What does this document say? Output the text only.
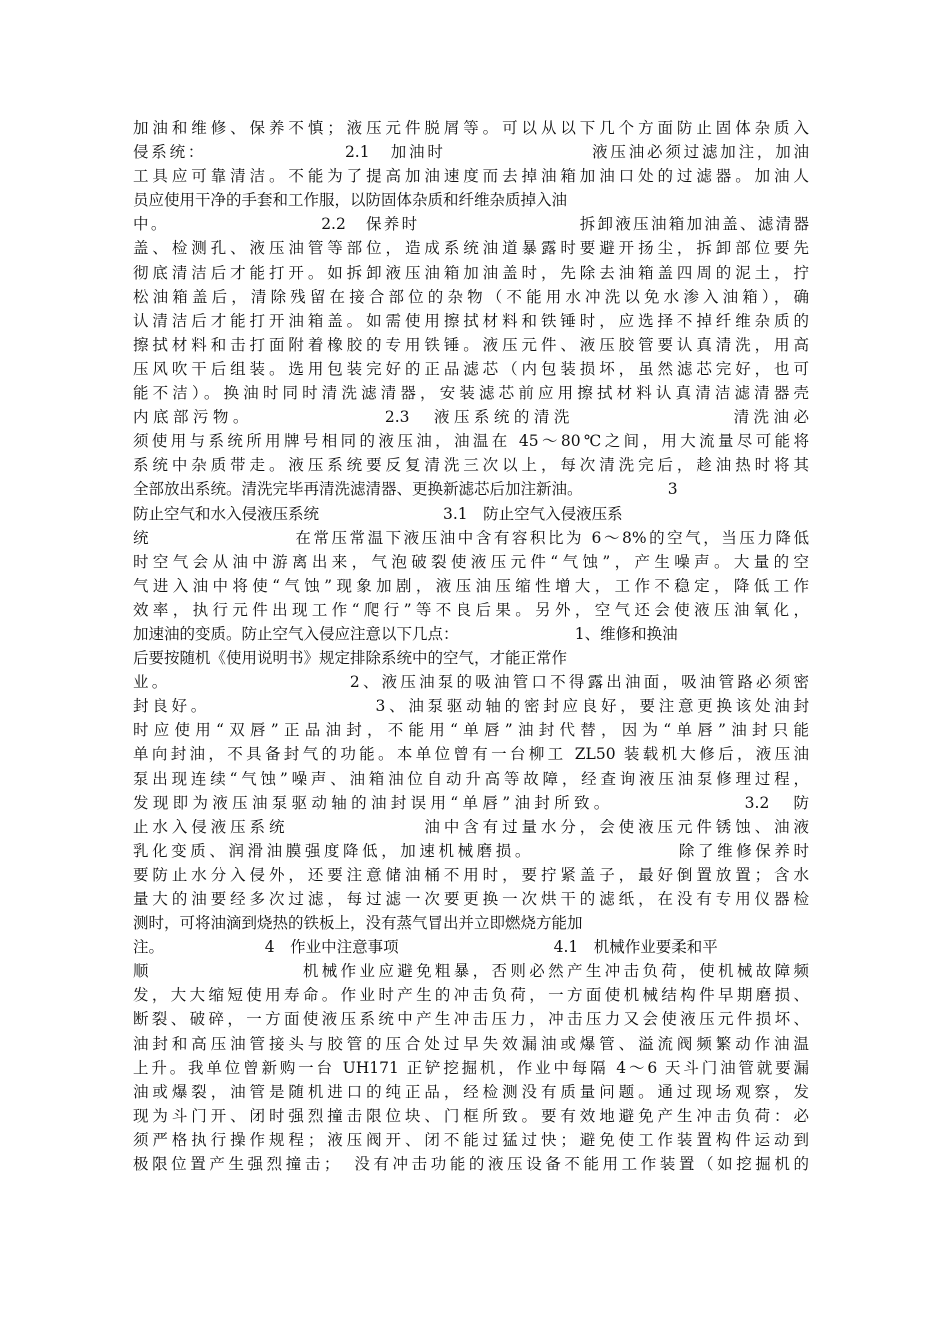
加油和维修、保养不慎；液压元件脱屑等。可以从以下几个方面防止固体杂质入
侵系统：　　　　　　　　2.1　加油时　　　　　　　　液压油必须过滤加注，加油
工具应可靠清洁。不能为了提高加油速度而去掉油箱加油口处的过滤器。加油人
员应使用干净的手套和工作服，以防固体杂质和纤维杂质掉入油
中。　　　　　　　　　2.2　保养时　　　　　　　　　拆卸液压油箱加油盖、滤清器
盖、检测孔、液压油管等部位，造成系统油道暴露时要避开扬尘，拆卸部位要先
彻底清洁后才能打开。如拆卸液压油箱加油盖时，先除去油箱盖四周的泥土，拧
松油箱盖后，清除残留在接合部位的杂物（不能用水冲洗以免水渗入油箱），确
认清洁后才能打开油箱盖。如需使用擦拭材料和铁锤时，应选择不掉纤维杂质的
擦拭材料和击打面附着橡胶的专用铁锤。液压元件、液压胶管要认真清洗，用高
压风吹干后组装。选用包装完好的正品滤芯（内包装损坏，虽然滤芯完好，也可
能不洁）。换油时同时清洗滤清器，安装滤芯前应用擦拭材料认真清洁滤清器壳
内底部污物。　　　　　　　2.3　液压系统的清洗　　　　　　　　清洗油必
须使用与系统所用牌号相同的液压油，油温在 45～80℃之间，用大流量尽可能将
系统中杂质带走。液压系统要反复清洗三次以上，每次清洗完后，趁油热时将其
全部放出系统。清洗完毕再清洗滤清器、更换新滤芯后加注新油。　　　　　　3
防止空气和水入侵液压系统　　　　　　　　3.1　防止空气入侵液压系
统　　　　　　　　在常压常温下液压油中含有容积比为 6～8%的空气，当压力降低
时空气会从油中游离出来，气泡破裂使液压元件“气蚀”，产生噪声。大量的空
气进入油中将使“气蚀”现象加剧，液压油压缩性增大，工作不稳定，降低工作
效率，执行元件出现工作“爬行”等不良后果。另外，空气还会使液压油氧化，
加速油的变质。防止空气入侵应注意以下几点：　　　　　　　　1、维修和换油
后要按随机《使用说明书》规定排除系统中的空气，才能正常作
业。　　　　　　　　　　2、液压油泵的吸油管口不得露出油面，吸油管路必须密
封良好。　　　　　　　　　3、油泵驱动轴的密封应良好，要注意更换该处油封
时应使用“双唇”正品油封，不能用“单唇”油封代替，因为“单唇”油封只能
单向封油，不具备封气的功能。本单位曾有一台柳工 ZL50 装载机大修后，液压油
泵出现连续“气蚀”噪声、油箱油位自动升高等故障，经查询液压油泵修理过程，
发现即为液压油泵驱动轴的油封误用“单唇”油封所致。　　　　　　　3.2　防
止水入侵液压系统　　　　　　　油中含有过量水分，会使液压元件锈蚀、油液
乳化变质、润滑油膜强度降低，加速机械磨损。　　　　　　　　除了维修保养时
要防止水分入侵外，还要注意储油桶不用时，要拧紧盖子，最好倒置放置；含水
量大的油要经多次过滤，每过滤一次要更换一次烘干的滤纸，在没有专用仪器检
测时，可将油滴到烧热的铁板上，没有蒸气冒出并立即燃烧方能加
注。　　　　　　　4　作业中注意事项　　　　　　　　　　4.1　机械作业要柔和平
顺　　　　　　　　机械作业应避免粗暴，否则必然产生冲击负荷，使机械故障频
发，大大缩短使用寿命。作业时产生的冲击负荷，一方面使机械结构件早期磨损、
断裂、破碎，一方面使液压系统中产生冲击压力，冲击压力又会使液压元件损坏、
油封和高压油管接头与胶管的压合处过早失效漏油或爆管、溢流阀频繁动作油温
上升。我单位曾新购一台 UH171 正铲挖掘机，作业中每隔 4～6 天斗门油管就要漏
油或爆裂，油管是随机进口的纯正品，经检测没有质量问题。通过现场观察，发
现为斗门开、闭时强烈撞击限位块、门框所致。要有效地避免产生冲击负荷：必
须严格执行操作规程；液压阀开、闭不能过猛过快；避免使工作装置构件运动到
极限位置产生强烈撞击；　没有冲击功能的液压设备不能用工作装置（如挖掘机的
